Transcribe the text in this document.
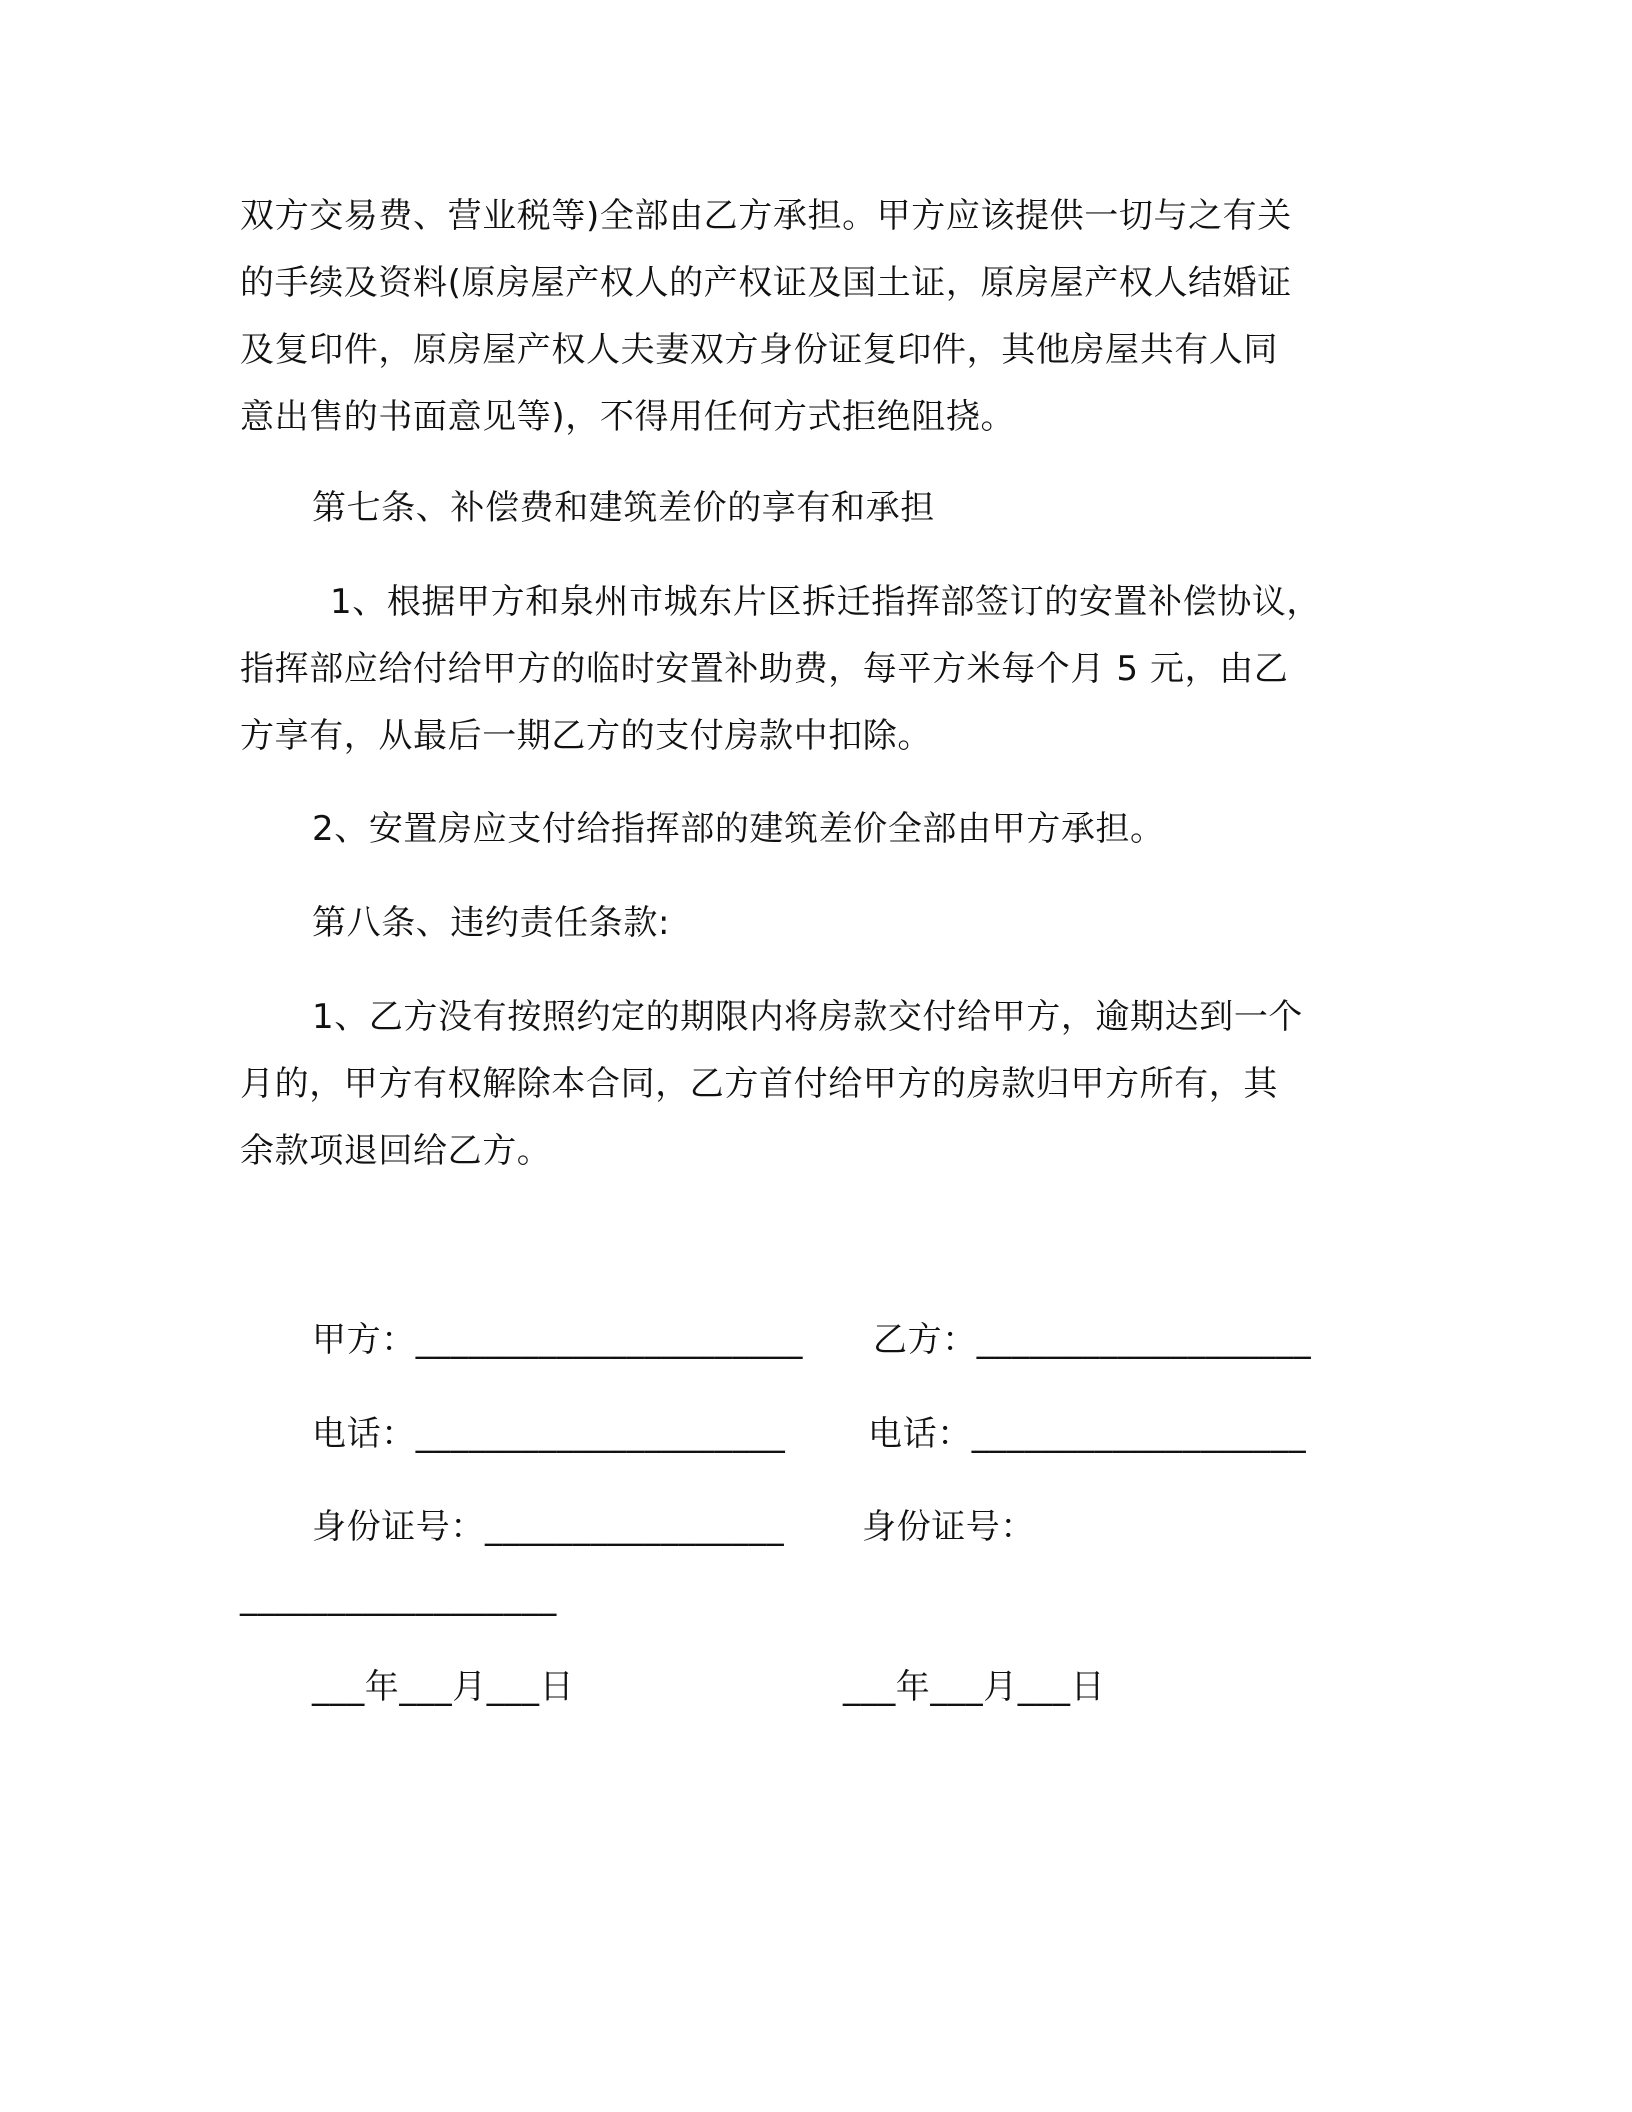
双方交易费、营业税等)全部由乙方承担。甲方应该提供一切与之有关
的手续及资料(原房屋产权人的产权证及国土证，原房屋产权人结婚证
及复印件，原房屋产权人夫妻双方身份证复印件，其他房屋共有人同
意出售的书面意见等)，不得用任何方式拒绝阻挠。
第七条、补偿费和建筑差价的享有和承担
1、根据甲方和泉州市城东片区拆迁指挥部签订的安置补偿协议，
指挥部应给付给甲方的临时安置补助费，每平方米每个月 5 元，由乙
方享有，从最后一期乙方的支付房款中扣除。
2、安置房应支付给指挥部的建筑差价全部由甲方承担。
第八条、违约责任条款:
1、乙方没有按照约定的期限内将房款交付给甲方，逾期达到一个
月的，甲方有权解除本合同，乙方首付给甲方的房款归甲方所有，其
余款项退回给乙方。
甲方：______________________ 乙方：___________________
电话：_____________________ 电话：___________________
身份证号：_________________ 身份证号：
__________________
___年___月___日	___年___月___日
